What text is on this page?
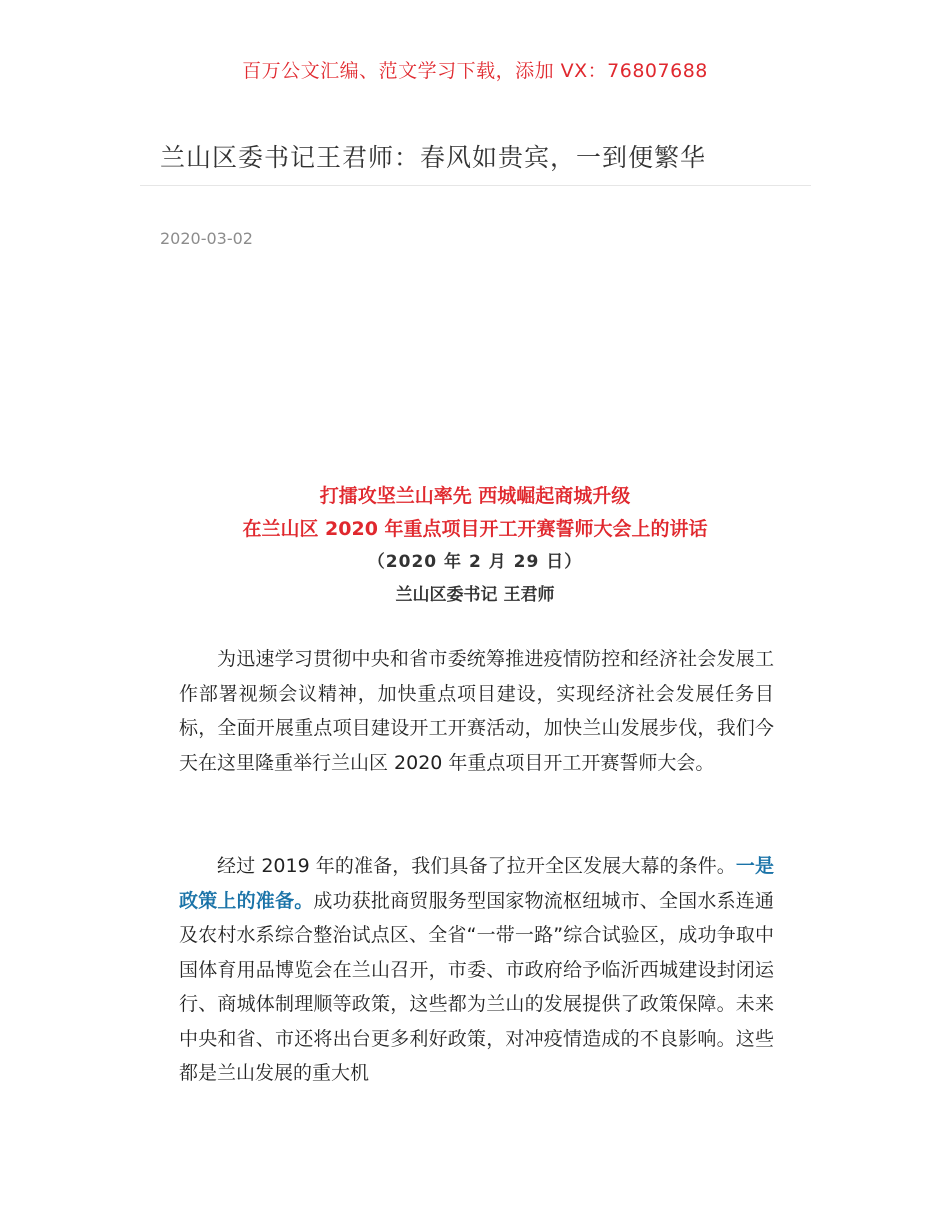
百万公文汇编、范文学习下载，添加 VX：76807688
兰山区委书记王君师：春风如贵宾，一到便繁华
2020-03-02
打擂攻坚兰山率先 西城崛起商城升级
在兰山区 2020 年重点项目开工开赛誓师大会上的讲话
（2020 年 2 月 29 日）
兰山区委书记 王君师

为迅速学习贯彻中央和省市委统筹推进疫情防控和经济社会发展工作部署视频会议精神，加快重点项目建设，实现经济社会发展任务目标，全面开展重点项目建设开工开赛活动，加快兰山发展步伐，我们今天在这里隆重举行兰山区 2020 年重点项目开工开赛誓师大会。

经过 2019 年的准备，我们具备了拉开全区发展大幕的条件。一是政策上的准备。成功获批商贸服务型国家物流枢纽城市、全国水系连通及农村水系综合整治试点区、全省“一带一路”综合试验区，成功争取中国体育用品博览会在兰山召开，市委、市政府给予临沂西城建设封闭运行、商城体制理顺等政策，这些都为兰山的发展提供了政策保障。未来中央和省、市还将出台更多利好政策，对冲疫情造成的不良影响。这些都是兰山发展的重大机
